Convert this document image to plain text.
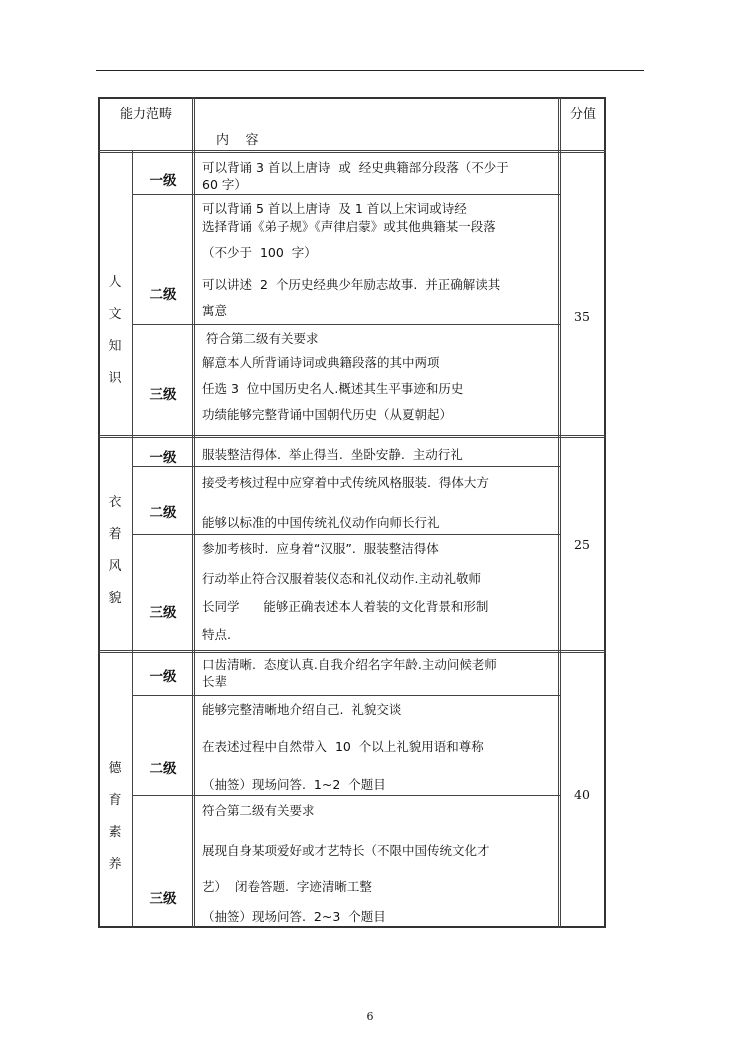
能力范畴
内    容
分值
人
文
知
识
一级
可以背诵 3 首以上唐诗  或  经史典籍部分段落（不少于
60 字）
二级
可以背诵 5 首以上唐诗  及 1 首以上宋词或诗经
选择背诵《弟子规》《声律启蒙》或其他典籍某一段落
（不少于  100  字）
可以讲述  2  个历史经典少年励志故事.  并正确解读其
寓意
三级
符合第二级有关要求
解意本人所背诵诗词或典籍段落的其中两项
任选 3  位中国历史名人.概述其生平事迹和历史
功绩能够完整背诵中国朝代历史（从夏朝起）
35
衣
着
风
貌
一级	服装整洁得体.  举止得当.  坐卧安静.  主动行礼
二级
接受考核过程中应穿着中式传统风格服装.  得体大方
能够以标准的中国传统礼仪动作向师长行礼
三级
参加考核时.  应身着“汉服”.  服装整洁得体
行动举止符合汉服着装仪态和礼仪动作.主动礼敬师
长同学      能够正确表述本人着装的文化背景和形制
特点.
25
德
育
素
养
一级
口齿清晰.  态度认真.自我介绍名字年龄.主动问候老师
长辈
二级
能够完整清晰地介绍自己.  礼貌交谈
在表述过程中自然带入  10  个以上礼貌用语和尊称
（抽签）现场问答.  1~2  个题目
三级
符合第二级有关要求
展现自身某项爱好或才艺特长（不限中国传统文化才
艺）  闭卷答题.  字迹清晰工整
（抽签）现场问答.  2~3  个题目
40
6
